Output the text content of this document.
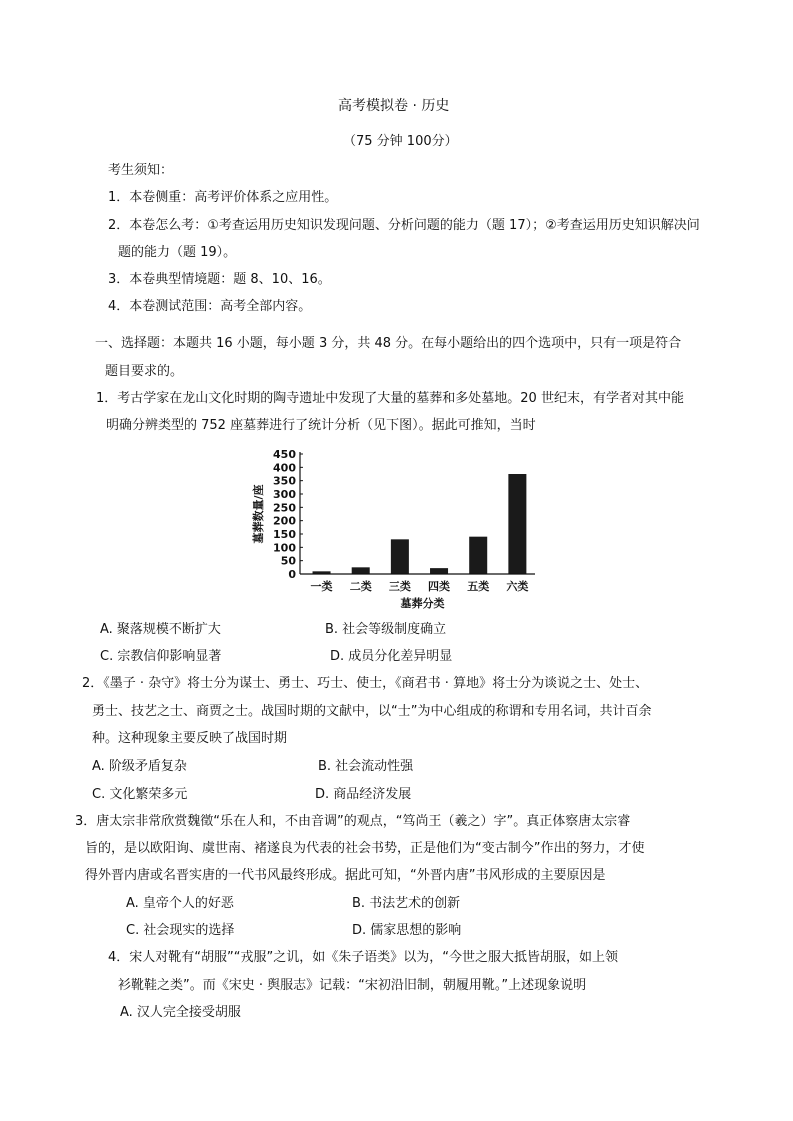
高考模拟卷 · 历史
（75 分钟 100分）
考生须知：
1．本卷侧重：高考评价体系之应用性。
2．本卷怎么考：①考查运用历史知识发现问题、分析问题的能力（题 17）；②考查运用历史知识解决问
题的能力（题 19）。
3．本卷典型情境题：题 8、10、16。
4．本卷测试范围：高考全部内容。
一、选择题：本题共 16 小题，每小题 3 分，共 48 分。在每小题给出的四个选项中，只有一项是符合
题目要求的。
1．考古学家在龙山文化时期的陶寺遗址中发现了大量的墓葬和多处墓地。20 世纪末，有学者对其中能
明确分辨类型的 752 座墓葬进行了统计分析（见下图）。据此可推知，当时
0
50
100
150
200
250
300
350
400
450
一类 二类 三类 四类 五类 六类
墓葬数量/座
墓葬分类
A. 聚落规模不断扩大	B. 社会等级制度确立
C. 宗教信仰影响显著	D. 成员分化差异明显
2．《墨子 · 杂守》将士分为谋士、勇士、巧士、使士，《商君书 · 算地》将士分为谈说之士、处士、
勇士、技艺之士、商贾之士。战国时期的文献中，以“士”为中心组成的称谓和专用名词，共计百余
种。这种现象主要反映了战国时期
A. 阶级矛盾复杂	B. 社会流动性强
C. 文化繁荣多元	D. 商品经济发展
3．唐太宗非常欣赏魏徵“乐在人和，不由音调”的观点，“笃尚王（羲之）字”。真正体察唐太宗睿
旨的，是以欧阳询、虞世南、褚遂良为代表的社会书势，正是他们为“变古制今”作出的努力，才使
得外晋内唐或名晋实唐的一代书风最终形成。据此可知，“外晋内唐”书风形成的主要原因是
A. 皇帝个人的好恶	B. 书法艺术的创新
C. 社会现实的选择	D. 儒家思想的影响
4．宋人对靴有“胡服”“戎服”之讥，如《朱子语类》以为，“今世之服大抵皆胡服，如上领
衫靴鞋之类”。而《宋史 · 舆服志》记载：“宋初沿旧制，朝履用靴。”上述现象说明
A. 汉人完全接受胡服
